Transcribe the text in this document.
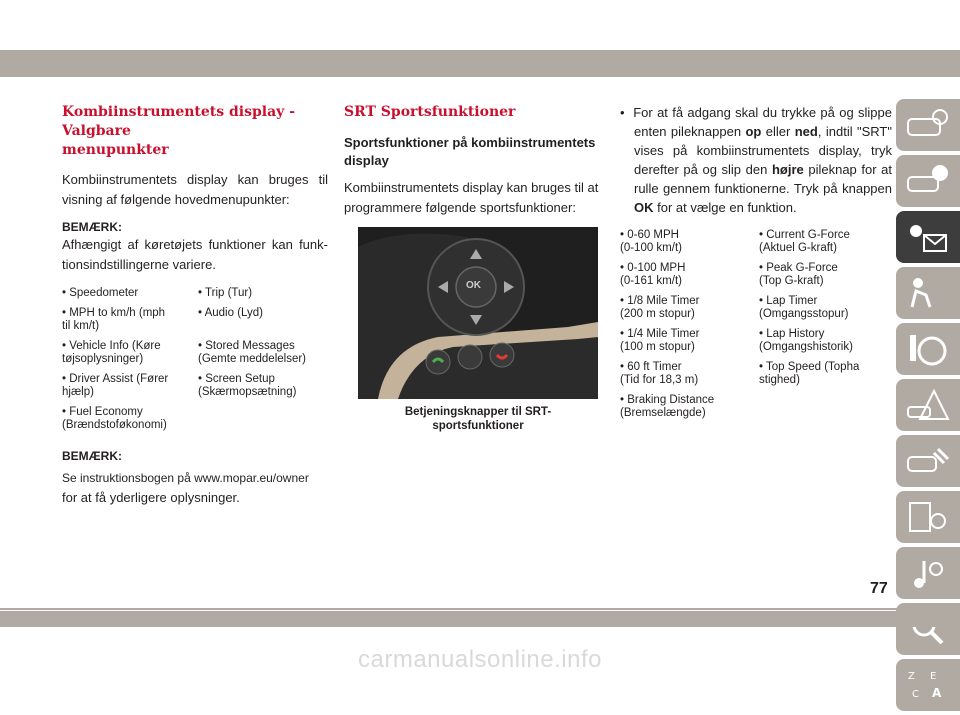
Kombiinstrumentets display - Valgbare
menupunkter

Kombiinstrumentets display kan bruges til visning af følgende hovedmenupunkter:

BEMÆRK:

Afhængigt af køretøjets funktioner kan funktionsindstillingerne variere.

• Speedometer	• Trip (Tur)
• MPH to km/h (mph
til km/t)
• Audio (Lyd)
• Vehicle Info (Køre
tøjsoplysninger)
• Stored Messages
(Gemte meddelelser)
• Driver Assist (Fører
hjælp)
• Screen Setup
(Skærmopsætning)
• Fuel Economy
(Brændstoføkonomi)

BEMÆRK:

Se instruktionsbogen på www.mopar.eu/owner
for at få yderligere oplysninger.

SRT Sportsfunktioner
Sportsfunktioner på kombiinstrumentets display

Kombiinstrumentets display kan bruges til at programmere følgende sportsfunktioner:

OK
Betjeningsknapper til SRT-
sportsfunktioner

•  For at få adgang skal du trykke på og slippe enten pileknappen op eller ned, indtil "SRT" vises på kombiinstrumentets display, tryk derefter på og slip den højre pileknap for at rulle gennem funktionerne. Tryk på knappen OK for at vælge en funktion.

• 0-60 MPH
(0-100 km/t)
• Current G-Force
(Aktuel G-kraft)
• 0-100 MPH
(0-161 km/t)
• Peak G-Force
(Top G-kraft)
• 1/8 Mile Timer
(200 m stopur)
• Lap Timer
(Omgangsstopur)
• 1/4 Mile Timer
(100 m stopur)
• Lap History
(Omgangshistorik)
• 60 ft Timer
(Tid for 18,3 m)
• Top Speed (Topha
stighed)
• Braking Distance
(Bremselængde)
Z E
C A
77
carmanualsonline.info
